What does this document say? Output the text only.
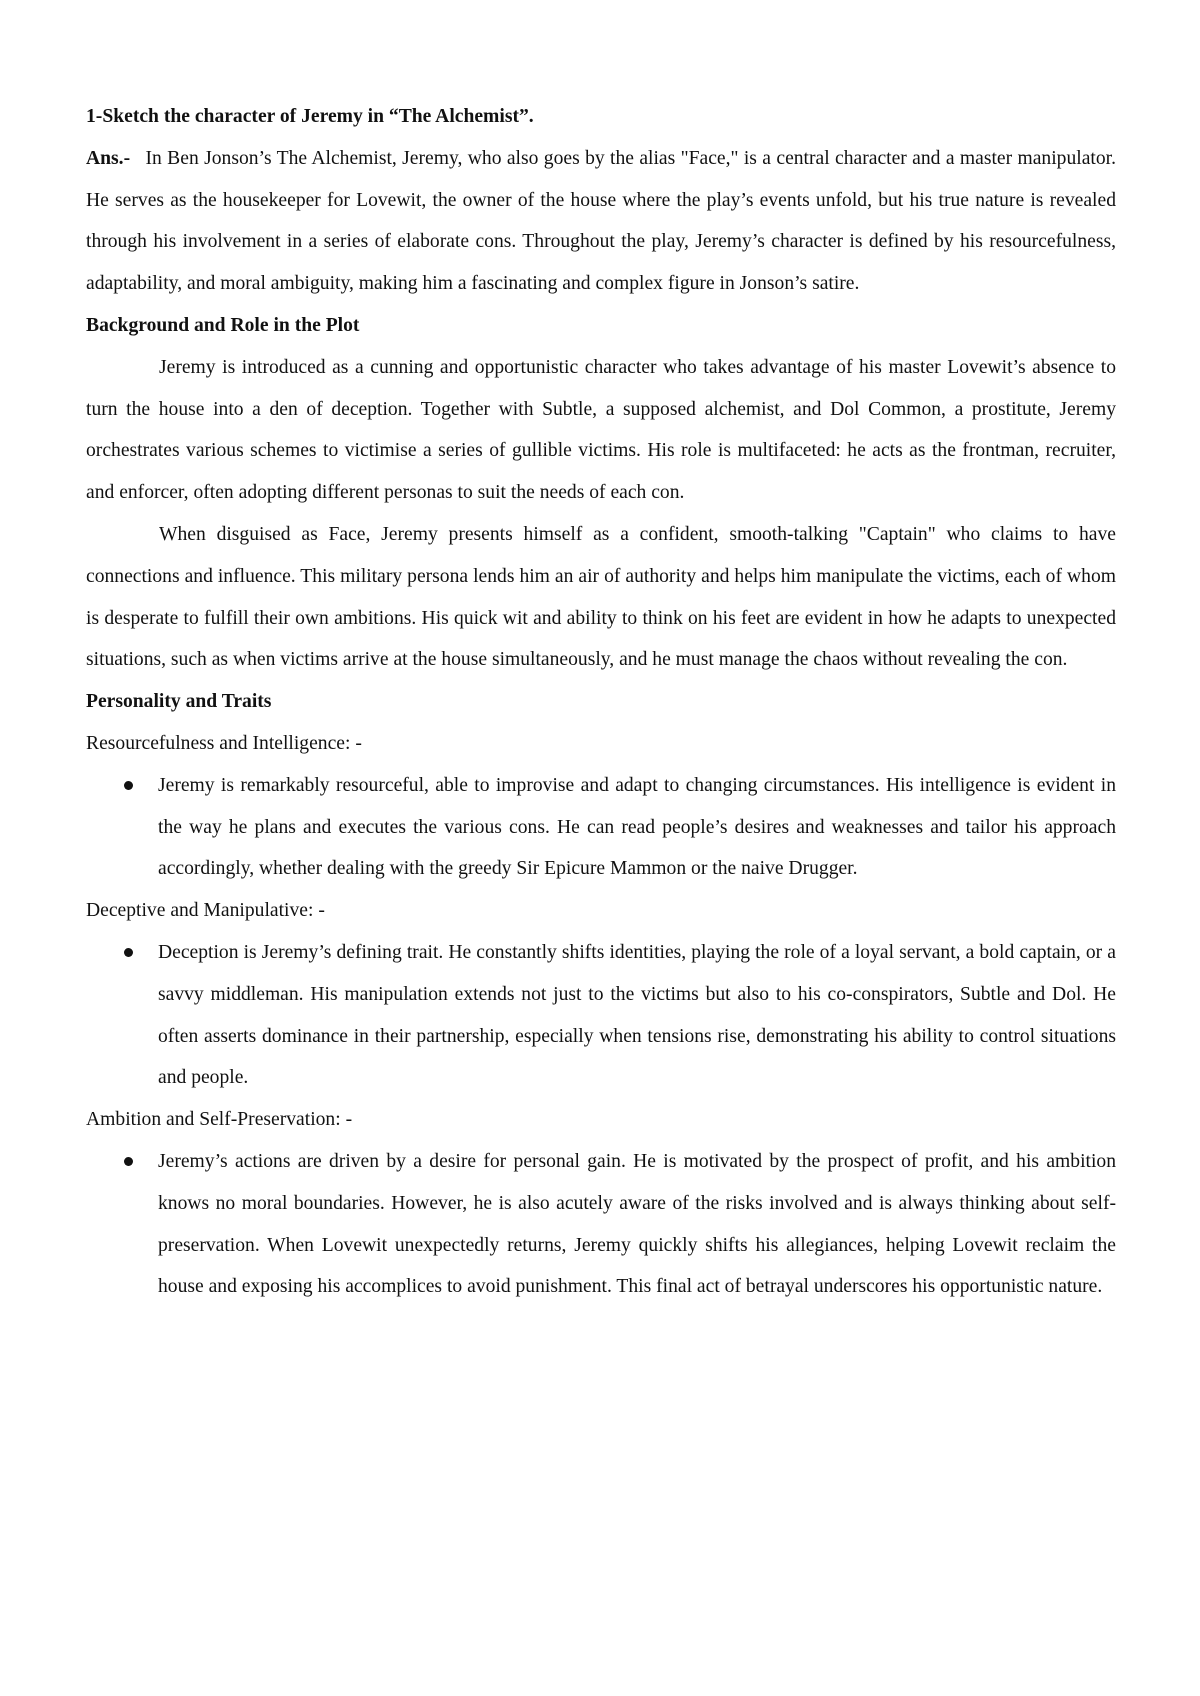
1-Sketch the character of Jeremy in “The Alchemist”.

Ans.- In Ben Jonson’s The Alchemist, Jeremy, who also goes by the alias "Face," is a central character and a master manipulator. He serves as the housekeeper for Lovewit, the owner of the house where the play’s events unfold, but his true nature is revealed through his involvement in a series of elaborate cons. Throughout the play, Jeremy’s character is defined by his resourcefulness, adaptability, and moral ambiguity, making him a fascinating and complex figure in Jonson’s satire.

Background and Role in the Plot

Jeremy is introduced as a cunning and opportunistic character who takes advantage of his master Lovewit’s absence to turn the house into a den of deception. Together with Subtle, a supposed alchemist, and Dol Common, a prostitute, Jeremy orchestrates various schemes to victimise a series of gullible victims. His role is multifaceted: he acts as the frontman, recruiter, and enforcer, often adopting different personas to suit the needs of each con.

When disguised as Face, Jeremy presents himself as a confident, smooth-talking "Captain" who claims to have connections and influence. This military persona lends him an air of authority and helps him manipulate the victims, each of whom is desperate to fulfill their own ambitions. His quick wit and ability to think on his feet are evident in how he adapts to unexpected situations, such as when victims arrive at the house simultaneously, and he must manage the chaos without revealing the con.

Personality and Traits

Resourcefulness and Intelligence: -

Jeremy is remarkably resourceful, able to improvise and adapt to changing circumstances. His intelligence is evident in the way he plans and executes the various cons. He can read people’s desires and weaknesses and tailor his approach accordingly, whether dealing with the greedy Sir Epicure Mammon or the naive Drugger.

Deceptive and Manipulative: -

Deception is Jeremy’s defining trait. He constantly shifts identities, playing the role of a loyal servant, a bold captain, or a savvy middleman. His manipulation extends not just to the victims but also to his co-conspirators, Subtle and Dol. He often asserts dominance in their partnership, especially when tensions rise, demonstrating his ability to control situations and people.

Ambition and Self-Preservation: -

Jeremy’s actions are driven by a desire for personal gain. He is motivated by the prospect of profit, and his ambition knows no moral boundaries. However, he is also acutely aware of the risks involved and is always thinking about self-preservation. When Lovewit unexpectedly returns, Jeremy quickly shifts his allegiances, helping Lovewit reclaim the house and exposing his accomplices to avoid punishment. This final act of betrayal underscores his opportunistic nature.
